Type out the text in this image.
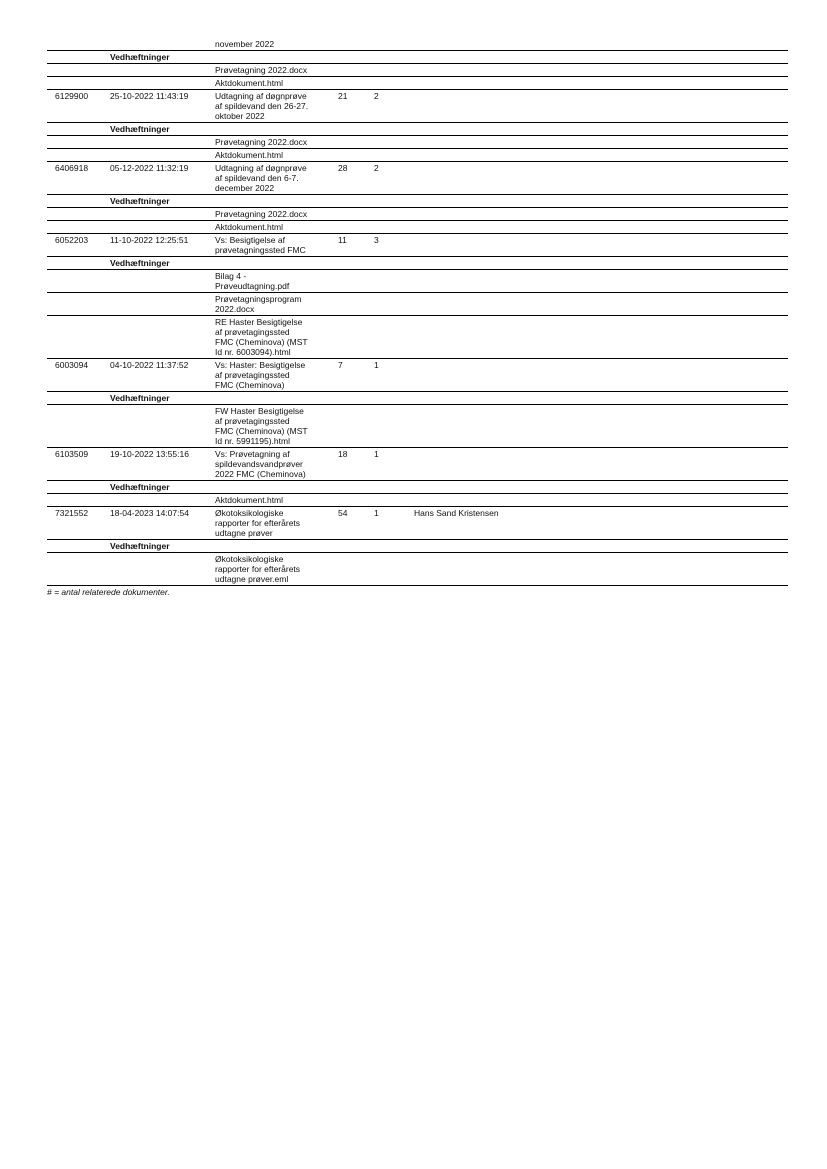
november 2022
Vedhæftninger
Prøvetagning 2022.docx
Aktdokument.html
6129900	25-10-2022 11:43:19	Udtagning af døgnprøve
af spildevand den 26-27.
oktober 2022
21	2
Vedhæftninger
Prøvetagning 2022.docx
Aktdokument.html
6406918	05-12-2022 11:32:19	Udtagning af døgnprøve
af spildevand den 6-7.
december 2022
28	2
Vedhæftninger
Prøvetagning 2022.docx
Aktdokument.html
6052203	11-10-2022 12:25:51	Vs: Besigtigelse af
prøvetagningssted FMC
11	3
Vedhæftninger
Bilag 4 -
Prøveudtagning.pdf
Prøvetagningsprogram
2022.docx
RE Haster Besigtigelse
af prøvetagingssted
FMC (Cheminova) (MST
Id nr. 6003094).html
6003094	04-10-2022 11:37:52	Vs: Haster: Besigtigelse
af prøvetagingssted
FMC (Cheminova)
7	1
Vedhæftninger
FW Haster Besigtigelse
af prøvetagingssted
FMC (Cheminova) (MST
Id nr. 5991195).html
6103509	19-10-2022 13:55:16	Vs: Prøvetagning af
spildevandsvandprøver
2022 FMC (Cheminova)
18	1
Vedhæftninger
Aktdokument.html
7321552	18-04-2023 14:07:54	Økotoksikologiske
rapporter for efterårets
udtagne prøver
54	1	Hans Sand Kristensen
Vedhæftninger
Økotoksikologiske
rapporter for efterårets
udtagne prøver.eml
# = antal relaterede dokumenter.
